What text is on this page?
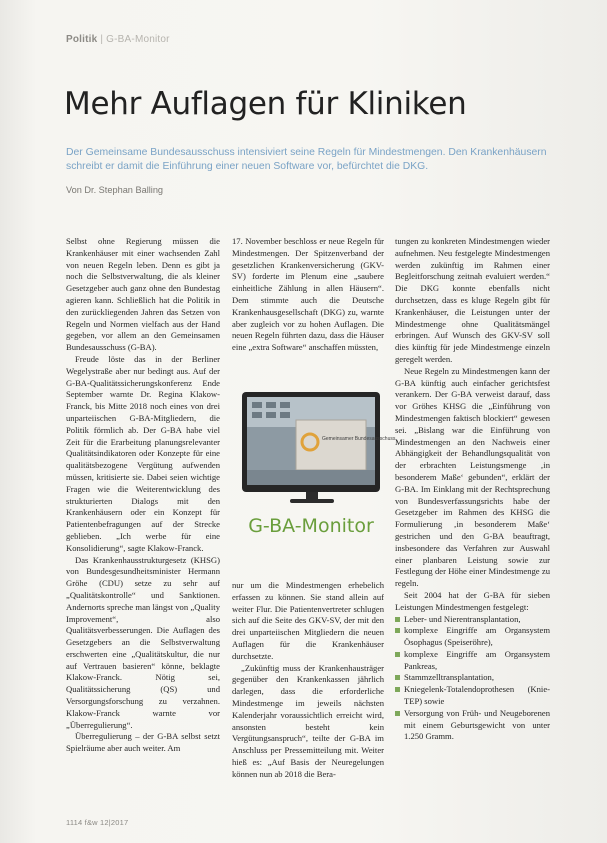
Politik | G-BA-Monitor
Mehr Auflagen für Kliniken
Der Gemeinsame Bundesausschuss intensiviert seine Regeln für Mindestmengen. Den Krankenhäusern schreibt er damit die Einführung einer neuen Software vor, befürchtet die DKG.
Von Dr. Stephan Balling

Selbst ohne Regierung müssen die Krankenhäuser mit einer wachsenden Zahl von neuen Regeln leben. Denn es gibt ja noch die Selbstverwaltung, die als kleiner Gesetzgeber auch ganz ohne den Bundestag agieren kann. Schließlich hat die Politik in den zurückliegenden Jahren das Setzen von Regeln und Normen vielfach aus der Hand gegeben, vor allem an den Gemeinsamen Bundesausschuss (G-BA).

Freude löste das in der Berliner Wegelystraße aber nur bedingt aus. Auf der G-BA-Qualitätssicherungskonferenz Ende September warnte Dr. Regina Klakow-Franck, bis Mitte 2018 noch eines von drei unparteiischen G-BA-Mitgliedern, die Politik förmlich ab. Der G-BA habe viel Zeit für die Erarbeitung planungsrelevanter Qualitätsindikatoren oder Konzepte für eine qualitätsbezogene Vergütung aufwenden müssen, kritisierte sie. Dabei seien wichtige Fragen wie die Weiterentwicklung des strukturierten Dialogs mit den Krankenhäusern oder ein Konzept für Patientenbefragungen auf der Strecke geblieben. „Ich werbe für eine Konsolidierung“, sagte Klakow-Franck.

Das Krankenhausstrukturgesetz (KHSG) von Bundesgesundheitsminister Hermann Gröhe (CDU) setze zu sehr auf „Qualitätskontrolle“ und Sanktionen. Andernorts spreche man längst von „Quality Improvement“, also Qualitätsverbesserungen. Die Auflagen des Gesetzgebers an die Selbstverwaltung erschwerten eine „Qualitätskultur, die nur auf Vertrauen basieren“ könne, beklagte Klakow-Franck. Nötig sei, Qualitätssicherung (QS) und Versorgungsforschung zu verzahnen. Klakow-Franck warnte vor „Überregulierung“.

Überregulierung – der G-BA selbst setzt Spielräume aber auch weiter. Am

17. November beschloss er neue Regeln für Mindestmengen. Der Spitzenverband der gesetzlichen Krankenversicherung (GKV-SV) forderte im Plenum eine „saubere einheitliche Zählung in allen Häusern“. Dem stimmte auch die Deutsche Krankenhausgesellschaft (DKG) zu, warnte aber zugleich vor zu hohen Auflagen. Die neuen Regeln führten dazu, dass die Häuser eine „extra Software“ anschaffen müssten,

Gemeinsamer Bundesausschuss
G-BA-Monitor

nur um die Mindestmengen erhebelich erfassen zu können. Sie stand allein auf weiter Flur. Die Patientenvertreter schlugen sich auf die Seite des GKV-SV, der mit den drei unparteiischen Mitgliedern die neuen Auflagen für die Krankenhäuser durchsetzte.

„Zukünftig muss der Krankenhausträger gegenüber den Krankenkassen jährlich darlegen, dass die erforderliche Mindestmenge im jeweils nächsten Kalenderjahr voraussichtlich erreicht wird, ansonsten besteht kein Vergütungsanspruch“, teilte der G-BA im Anschluss per Pressemitteilung mit. Weiter hieß es: „Auf Basis der Neuregelungen können nun ab 2018 die Bera-

tungen zu konkreten Mindestmengen wieder aufnehmen. Neu festgelegte Mindestmengen werden zukünftig im Rahmen einer Begleitforschung zeitnah evaluiert werden.“ Die DKG konnte ebenfalls nicht durchsetzen, dass es kluge Regeln gibt für Krankenhäuser, die Leistungen unter der Mindestmenge ohne Qualitätsmängel erbringen. Auf Wunsch des GKV-SV soll dies künftig für jede Mindestmenge einzeln geregelt werden.

Neue Regeln zu Mindestmengen kann der G-BA künftig auch einfacher gerichtsfest verankern. Der G-BA verweist darauf, dass vor Gröhes KHSG die „Einführung von Mindestmengen faktisch blockiert“ gewesen sei. „Bislang war die Einführung von Mindestmengen an den Nachweis einer Abhängigkeit der Behandlungsqualität von der erbrachten Leistungsmenge ‚in besonderem Maße‘ gebunden“, erklärt der G-BA. Im Einklang mit der Rechtsprechung von Bundesverfassungsrichts habe der Gesetzgeber im Rahmen des KHSG die Formulierung ‚in besonderem Maße‘ gestrichen und den G-BA beauftragt, insbesondere das Verfahren zur Auswahl einer planbaren Leistung sowie zur Festlegung der Höhe einer Mindestmenge zu regeln.

Seit 2004 hat der G-BA für sieben Leistungen Mindestmengen festgelegt:

Leber- und Nierentransplantation,
komplexe Eingriffe am Organsystem Ösophagus (Speiseröhre),
komplexe Eingriffe am Organsystem Pankreas,
Stammzelltransplantation,
Kniegelenk-Totalendoprothesen (Knie-TEP) sowie
Versorgung von Früh- und Neugeborenen mit einem Geburtsgewicht von unter 1.250 Gramm.
1114 f&w 12|2017
